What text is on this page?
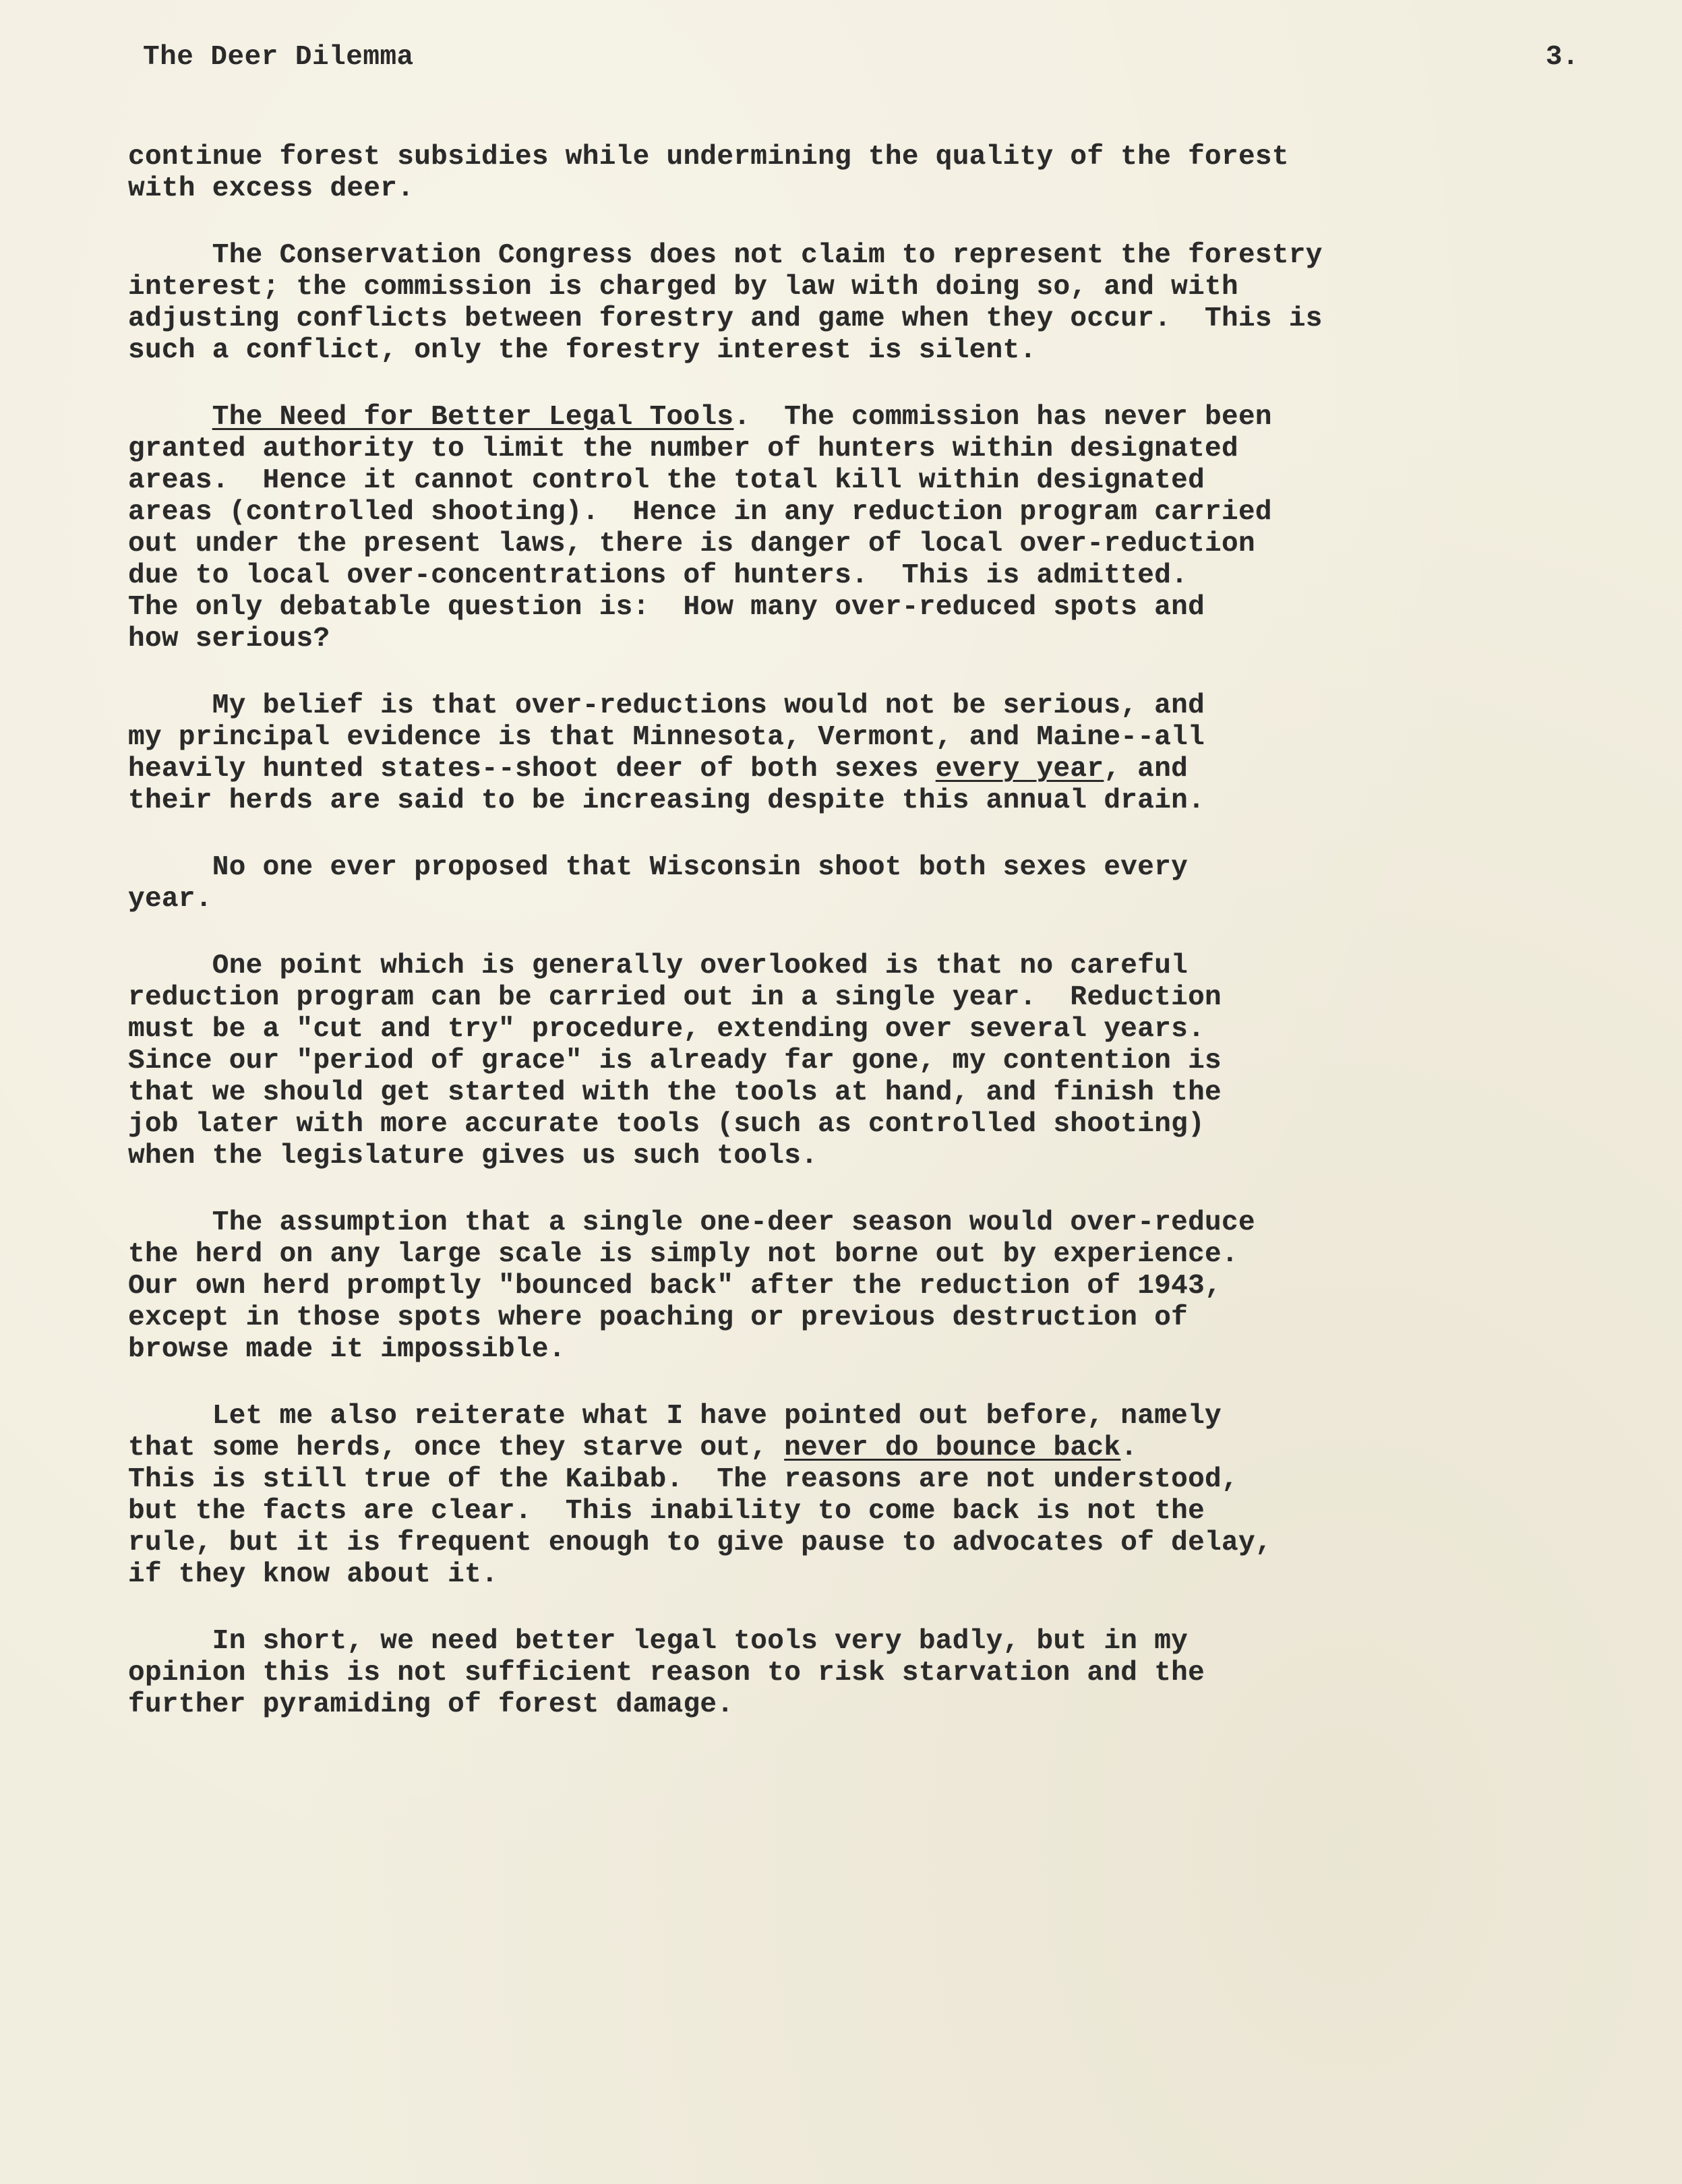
The Deer Dilemma	3.
continue forest subsidies while undermining the quality of the forest
with excess deer.
The Conservation Congress does not claim to represent the forestry
interest; the commission is charged by law with doing so, and with
adjusting conflicts between forestry and game when they occur.  This is
such a conflict, only the forestry interest is silent.
The Need for Better Legal Tools.  The commission has never been
granted authority to limit the number of hunters within designated
areas.  Hence it cannot control the total kill within designated
areas (controlled shooting).  Hence in any reduction program carried
out under the present laws, there is danger of local over-reduction
due to local over-concentrations of hunters.  This is admitted.
The only debatable question is:  How many over-reduced spots and
how serious?
My belief is that over-reductions would not be serious, and
my principal evidence is that Minnesota, Vermont, and Maine--all
heavily hunted states--shoot deer of both sexes every year, and
their herds are said to be increasing despite this annual drain.
No one ever proposed that Wisconsin shoot both sexes every
year.
One point which is generally overlooked is that no careful
reduction program can be carried out in a single year.  Reduction
must be a "cut and try" procedure, extending over several years.
Since our "period of grace" is already far gone, my contention is
that we should get started with the tools at hand, and finish the
job later with more accurate tools (such as controlled shooting)
when the legislature gives us such tools.
The assumption that a single one-deer season would over-reduce
the herd on any large scale is simply not borne out by experience.
Our own herd promptly "bounced back" after the reduction of 1943,
except in those spots where poaching or previous destruction of
browse made it impossible.
Let me also reiterate what I have pointed out before, namely
that some herds, once they starve out, never do bounce back.
This is still true of the Kaibab.  The reasons are not understood,
but the facts are clear.  This inability to come back is not the
rule, but it is frequent enough to give pause to advocates of delay,
if they know about it.
In short, we need better legal tools very badly, but in my
opinion this is not sufficient reason to risk starvation and the
further pyramiding of forest damage.
